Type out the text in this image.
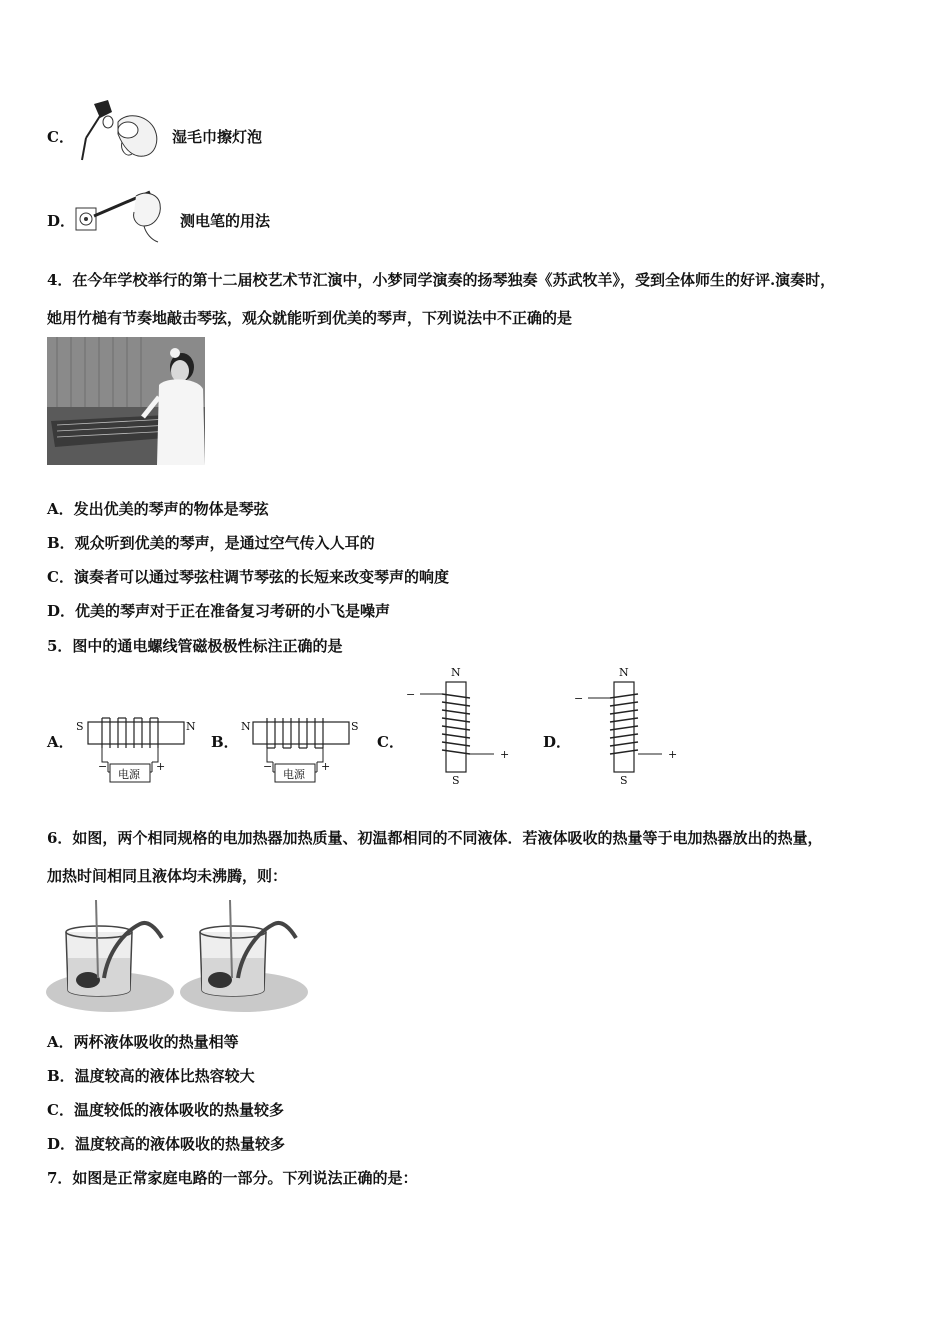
C．	湿毛巾擦灯泡
D．	测电笔的用法
4．在今年学校举行的第十二届校艺术节汇演中，小梦同学演奏的扬琴独奏《苏武牧羊》，受到全体师生的好评.演奏时，
她用竹槌有节奏地敲击琴弦，观众就能听到优美的琴声，下列说法中不正确的是
A．发出优美的琴声的物体是琴弦
B．观众听到优美的琴声，是通过空气传入人耳的
C．演奏者可以通过琴弦柱调节琴弦的长短来改变琴声的响度
D．优美的琴声对于正在准备复习考研的小飞是噪声
5．图中的通电螺线管磁极极性标注正确的是
A．
电源
−	+
S	N
B．
电源
−	+
N	S
C．
−
+
N
S
D．
−
+
N
S
6．如图，两个相同规格的电加热器加热质量、初温都相同的不同液体．若液体吸收的热量等于电加热器放出的热量，
加热时间相同且液体均未沸腾，则：
A．两杯液体吸收的热量相等
B．温度较高的液体比热容较大
C．温度较低的液体吸收的热量较多
D．温度较高的液体吸收的热量较多
7．如图是正常家庭电路的一部分。下列说法正确的是：
